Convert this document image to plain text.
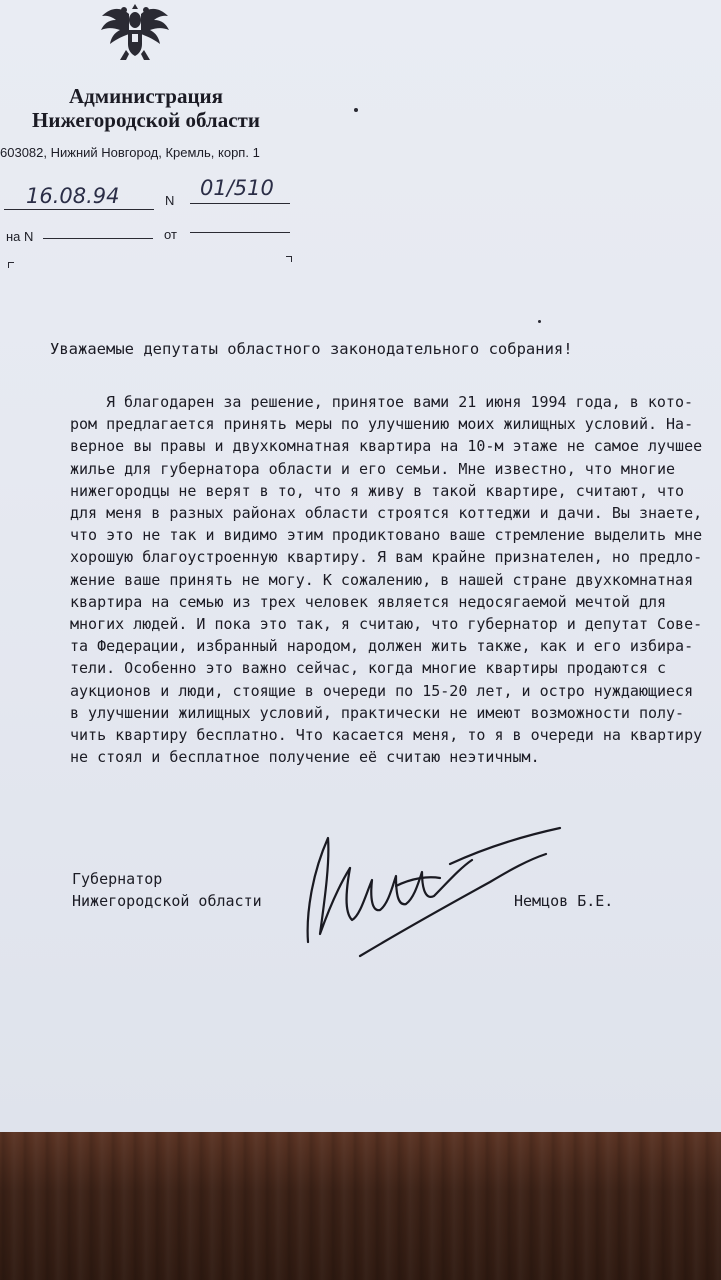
Администрация
Нижегородской области
603082, Нижний Новгород, Кремль, корп. 1
16.08.94	N
01/510
на N	от
Уважаемые депутаты областного законодательного собрания!
Я благодарен за решение, принятое вами 21 июня 1994 года, в кото-
ром предлагается принять меры по улучшению моих жилищных условий. На-
верное вы правы и двухкомнатная квартира на 10-м этаже не самое лучшее
жилье для губернатора области и его семьи. Мне известно, что многие
нижегородцы не верят в то, что я живу в такой квартире, считают, что
для меня в разных районах области строятся коттеджи и дачи. Вы знаете,
что это не так и видимо этим продиктовано ваше стремление выделить мне
хорошую благоустроенную квартиру. Я вам крайне признателен, но предло-
жение ваше принять не могу. К сожалению, в нашей стране двухкомнатная
квартира на семью из трех человек является недосягаемой мечтой для
многих людей. И пока это так, я считаю, что губернатор и депутат Сове-
та Федерации, избранный народом, должен жить также, как и его избира-
тели. Особенно это важно сейчас, когда многие квартиры продаются с
аукционов и люди, стоящие в очереди по 15-20 лет, и остро нуждающиеся
в улучшении жилищных условий, практически не имеют возможности полу-
чить квартиру бесплатно. Что касается меня, то я в очереди на квартиру
не стоял и бесплатное получение её считаю неэтичным.
Губернатор
Нижегородской области	Немцов Б.Е.
